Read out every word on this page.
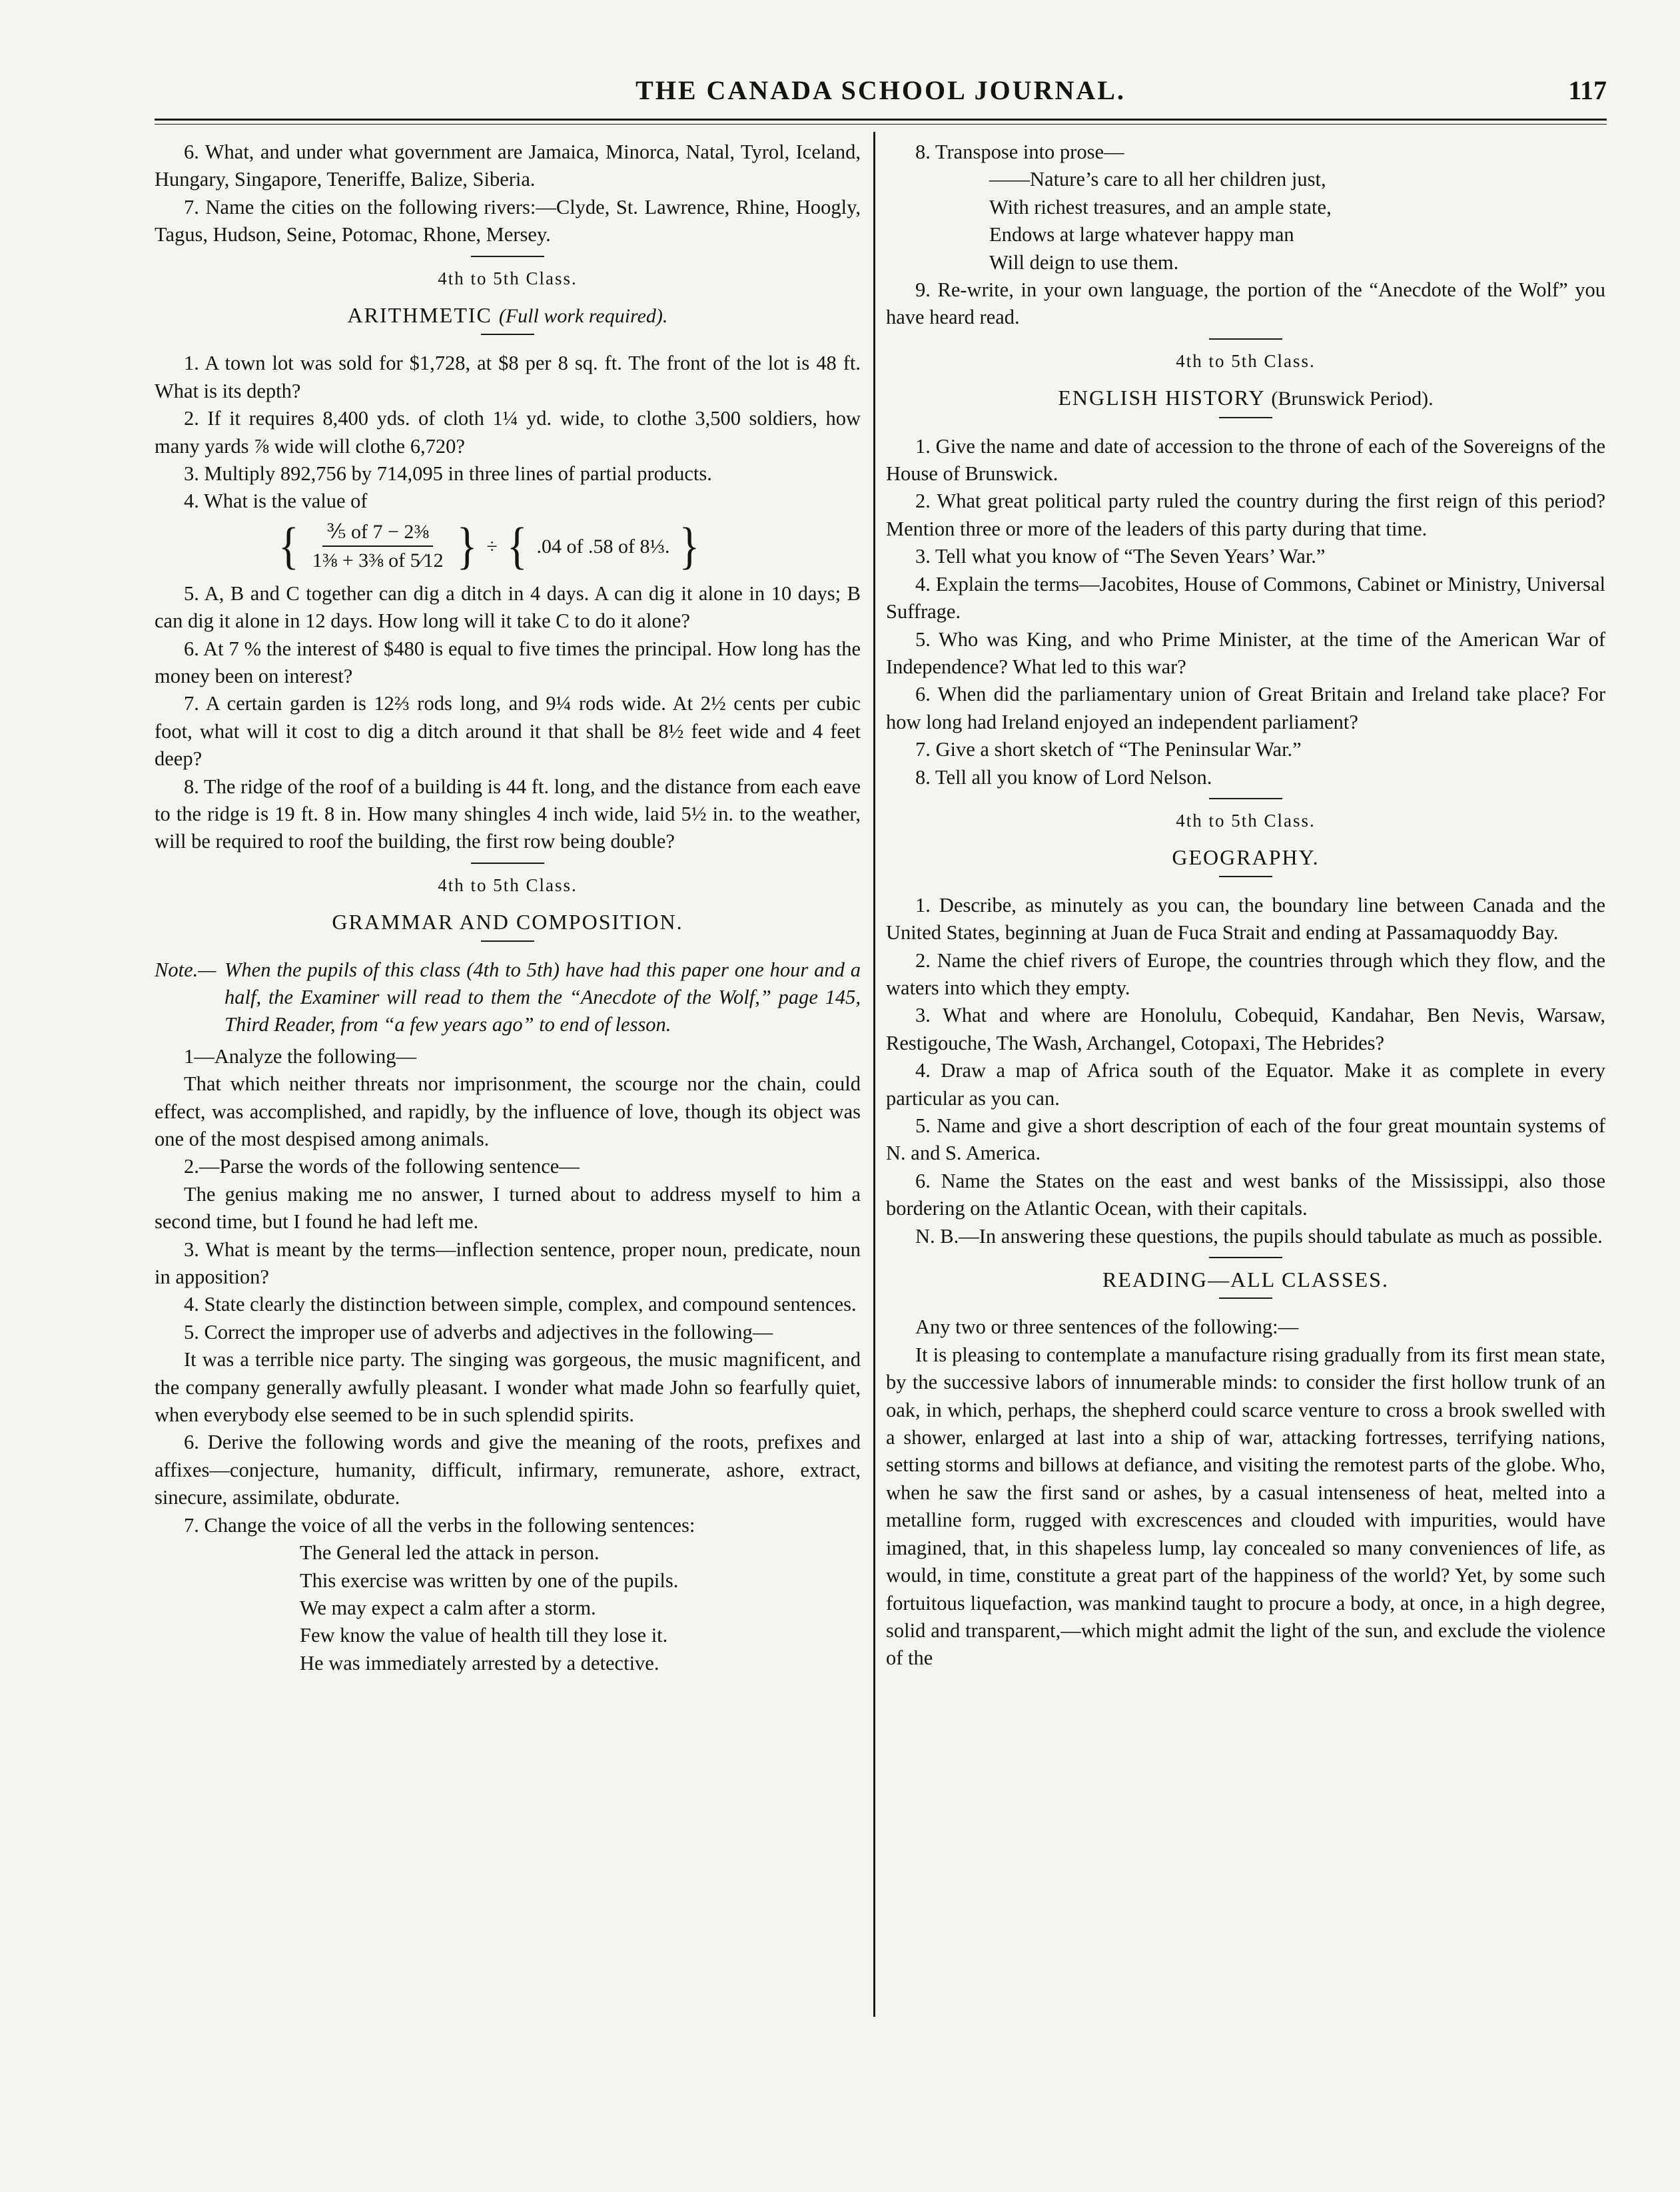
THE CANADA SCHOOL JOURNAL.	117

6. What, and under what government are Jamaica, Minorca, Natal, Tyrol, Iceland, Hungary, Singapore, Teneriffe, Balize, Siberia.

7. Name the cities on the following rivers:—Clyde, St. Lawrence, Rhine, Hoogly, Tagus, Hudson, Seine, Potomac, Rhone, Mersey.

4th to 5th Class.
ARITHMETIC (Full work required).

1. A town lot was sold for $1,728, at $8 per 8 sq. ft. The front of the lot is 48 ft. What is its depth?

2. If it requires 8,400 yds. of cloth 1¼ yd. wide, to clothe 3,500 soldiers, how many yards ⅞ wide will clothe 6,720?

3. Multiply 892,756 by 714,095 in three lines of partial products.

4. What is the value of

{ $\frac{\text{⅗ of 7 − 2⅜}}{\text{1⅜ + 3⅜ of 5⁄12}}$ } ÷ { .04 of .58 of 8⅓. }

5. A, B and C together can dig a ditch in 4 days. A can dig it alone in 10 days; B can dig it alone in 12 days. How long will it take C to do it alone?

6. At 7 % the interest of $480 is equal to five times the principal. How long has the money been on interest?

7. A certain garden is 12⅔ rods long, and 9¼ rods wide. At 2½ cents per cubic foot, what will it cost to dig a ditch around it that shall be 8½ feet wide and 4 feet deep?

8. The ridge of the roof of a building is 44 ft. long, and the distance from each eave to the ridge is 19 ft. 8 in. How many shingles 4 inch wide, laid 5½ in. to the weather, will be required to roof the building, the first row being double?

4th to 5th Class.
GRAMMAR AND COMPOSITION.

Note.— When the pupils of this class (4th to 5th) have had this paper one hour and a half, the Examiner will read to them the “Anecdote of the Wolf,” page 145, Third Reader, from “a few years ago” to end of lesson.

1—Analyze the following—

That which neither threats nor imprisonment, the scourge nor the chain, could effect, was accomplished, and rapidly, by the influence of love, though its object was one of the most despised among animals.

2.—Parse the words of the following sentence—

The genius making me no answer, I turned about to address myself to him a second time, but I found he had left me.

3. What is meant by the terms—inflection sentence, proper noun, predicate, noun in apposition?

4. State clearly the distinction between simple, complex, and compound sentences.

5. Correct the improper use of adverbs and adjectives in the following—

It was a terrible nice party. The singing was gorgeous, the music magnificent, and the company generally awfully pleasant. I wonder what made John so fearfully quiet, when everybody else seemed to be in such splendid spirits.

6. Derive the following words and give the meaning of the roots, prefixes and affixes—conjecture, humanity, difficult, infirmary, remunerate, ashore, extract, sinecure, assimilate, obdurate.

7. Change the voice of all the verbs in the following sentences:

The General led the attack in person.

This exercise was written by one of the pupils.

We may expect a calm after a storm.

Few know the value of health till they lose it.

He was immediately arrested by a detective.

8. Transpose into prose—

——Nature’s care to all her children just,

With richest treasures, and an ample state,

Endows at large whatever happy man

Will deign to use them.

9. Re-write, in your own language, the portion of the “Anecdote of the Wolf” you have heard read.

4th to 5th Class.
ENGLISH HISTORY (Brunswick Period).

1. Give the name and date of accession to the throne of each of the Sovereigns of the House of Brunswick.

2. What great political party ruled the country during the first reign of this period? Mention three or more of the leaders of this party during that time.

3. Tell what you know of “The Seven Years’ War.”

4. Explain the terms—Jacobites, House of Commons, Cabinet or Ministry, Universal Suffrage.

5. Who was King, and who Prime Minister, at the time of the American War of Independence? What led to this war?

6. When did the parliamentary union of Great Britain and Ireland take place? For how long had Ireland enjoyed an independent parliament?

7. Give a short sketch of “The Peninsular War.”

8. Tell all you know of Lord Nelson.

4th to 5th Class.
GEOGRAPHY.

1. Describe, as minutely as you can, the boundary line between Canada and the United States, beginning at Juan de Fuca Strait and ending at Passamaquoddy Bay.

2. Name the chief rivers of Europe, the countries through which they flow, and the waters into which they empty.

3. What and where are Honolulu, Cobequid, Kandahar, Ben Nevis, Warsaw, Restigouche, The Wash, Archangel, Cotopaxi, The Hebrides?

4. Draw a map of Africa south of the Equator. Make it as complete in every particular as you can.

5. Name and give a short description of each of the four great mountain systems of N. and S. America.

6. Name the States on the east and west banks of the Mississippi, also those bordering on the Atlantic Ocean, with their capitals.

N. B.—In answering these questions, the pupils should tabulate as much as possible.

READING—ALL CLASSES.

Any two or three sentences of the following:—

It is pleasing to contemplate a manufacture rising gradually from its first mean state, by the successive labors of innumerable minds: to consider the first hollow trunk of an oak, in which, perhaps, the shepherd could scarce venture to cross a brook swelled with a shower, enlarged at last into a ship of war, attacking fortresses, terrifying nations, setting storms and billows at defiance, and visiting the remotest parts of the globe. Who, when he saw the first sand or ashes, by a casual intenseness of heat, melted into a metalline form, rugged with excrescences and clouded with impurities, would have imagined, that, in this shapeless lump, lay concealed so many conveniences of life, as would, in time, constitute a great part of the happiness of the world? Yet, by some such fortuitous liquefaction, was mankind taught to procure a body, at once, in a high degree, solid and transparent,—which might admit the light of the sun, and exclude the violence of the
